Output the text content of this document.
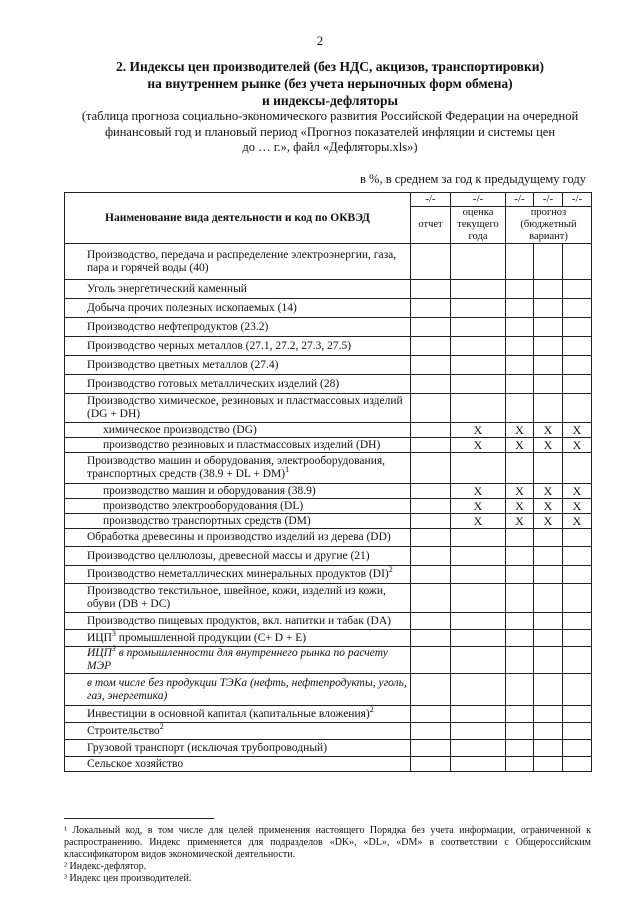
2
2. Индексы цен производителей (без НДС, акцизов, транспортировки)
на внутреннем рынке (без учета нерыночных форм обмена)
и индексы-дефляторы
(таблица прогноза социально-экономического развития Российской Федерации на очередной
финансовый год и плановый период «Прогноз показателей инфляции и системы цен
до … г.», файл «Дефляторы.xls»)
в %, в среднем за год к предыдущему году
Наименование вида деятельности и код по ОКВЭД	-/-	-/-	-/-	-/-	-/-
	отчет	оценка текущего года	прогноз (бюджетный вариант)		
Производство, передача и распределение электроэнергии, газа, пара и горячей воды (40)					
Уголь энергетический каменный					
Добыча прочих полезных ископаемых (14)					
Производство нефтепродуктов (23.2)					
Производство черных металлов (27.1, 27.2, 27.3, 27.5)					
Производство цветных металлов (27.4)					
Производство готовых металлических изделий (28)					
Производство химическое, резиновых и пластмассовых изделий (DG + DH)					
химическое производство (DG)		X	X	X	X
производство резиновых и пластмассовых изделий (DH)		X	X	X	X
Производство машин и оборудования, электрооборудования, транспортных средств (38.9 + DL + DM)$^1$					
производство машин и оборудования (38.9)		X	X	X	X
производство электрооборудования (DL)		X	X	X	X
производство транспортных средств (DM)		X	X	X	X
Обработка древесины и производство изделий из дерева (DD)					
Производство целлюлозы, древесной массы и другие (21)					
Производство неметаллических минеральных продуктов (DI)$^2$					
Производство текстильное, швейное, кожи, изделий из кожи, обуви (DB + DC)					
Производство пищевых продуктов, вкл. напитки и табак (DA)					
ИЦП$^3$ промышленной продукции (C+ D + E)					
ИЦП$^3$ в промышленности для внутреннего рынка по расчету МЭР					
в том числе без продукции ТЭКа (нефть, нефтепродукты, уголь, газ, энергетика)					
Инвестиции в основной капитал (капитальные вложения)$^2$					
Строительство$^2$					
Грузовой транспорт (исключая трубопроводный)					
Сельское хозяйство					

¹ Локальный код, в том числе для целей применения настоящего Порядка без учета информации, ограниченной к распространению. Индекс применяется для подразделов «DK», «DL», «DM» в соответствии с Общероссийским классификатором видов экономической деятельности.

² Индекс-дефлятор.

³ Индекс цен производителей.
